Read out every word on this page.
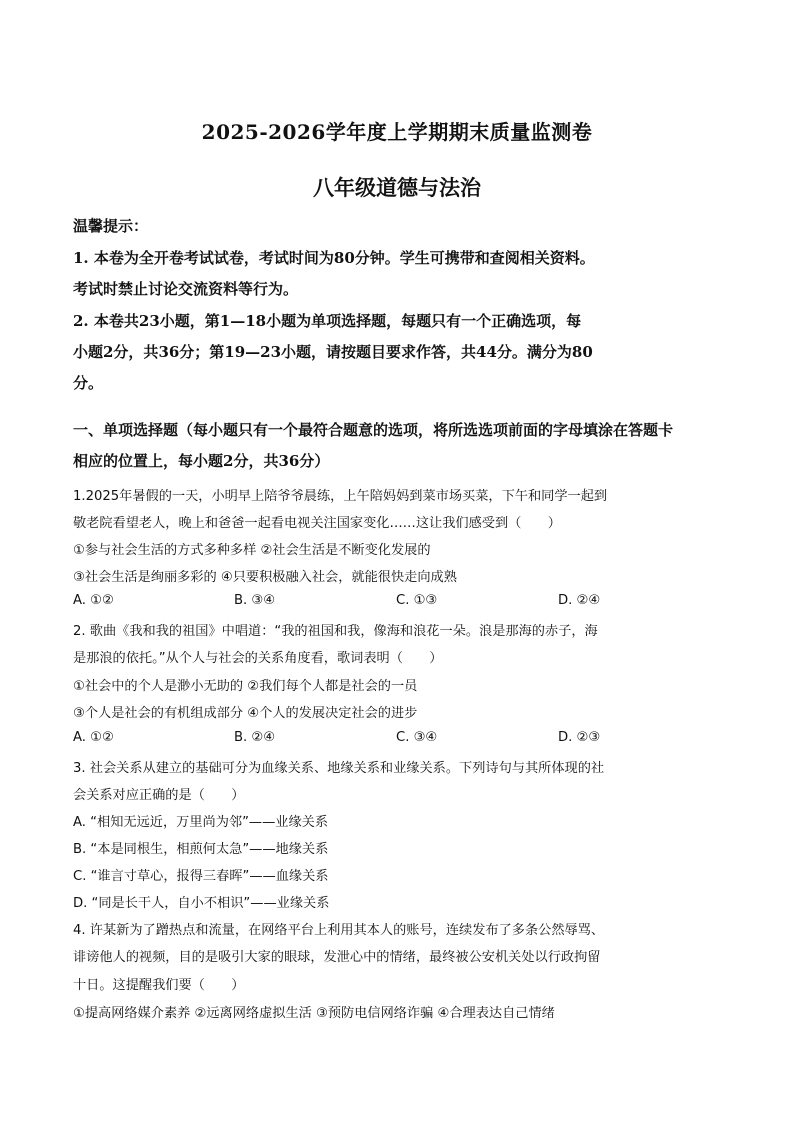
2025-2026学年度上学期期末质量监测卷
八年级道德与法治
温馨提示：
1. 本卷为全开卷考试试卷，考试时间为80分钟。学生可携带和查阅相关资料。
考试时禁止讨论交流资料等行为。
2. 本卷共23小题，第1—18小题为单项选择题，每题只有一个正确选项，每
小题2分，共36分；第19—23小题，请按题目要求作答，共44分。满分为80
分。
一、单项选择题（每小题只有一个最符合题意的选项，将所选选项前面的字母填涂在答题卡
相应的位置上，每小题2分，共36分）
1.2025年暑假的一天，小明早上陪爷爷晨练，上午陪妈妈到菜市场买菜，下午和同学一起到
敬老院看望老人，晚上和爸爸一起看电视关注国家变化……这让我们感受到（　　）
①参与社会生活的方式多种多样 ②社会生活是不断变化发展的
③社会生活是绚丽多彩的 ④只要积极融入社会，就能很快走向成熟
A. ①②	B. ③④	C. ①③	D. ②④
2. 歌曲《我和我的祖国》中唱道：“我的祖国和我，像海和浪花一朵。浪是那海的赤子，海
是那浪的依托。”从个人与社会的关系角度看，歌词表明（　　）
①社会中的个人是渺小无助的 ②我们每个人都是社会的一员
③个人是社会的有机组成部分 ④个人的发展决定社会的进步
A. ①②	B. ②④	C. ③④	D. ②③
3. 社会关系从建立的基础可分为血缘关系、地缘关系和业缘关系。下列诗句与其所体现的社
会关系对应正确的是（　　）
A. “相知无远近，万里尚为邻”——业缘关系
B. “本是同根生，相煎何太急”——地缘关系
C. “谁言寸草心，报得三春晖”——血缘关系
D. “同是长干人，自小不相识”——业缘关系
4. 许某新为了蹭热点和流量，在网络平台上利用其本人的账号，连续发布了多条公然辱骂、
诽谤他人的视频，目的是吸引大家的眼球，发泄心中的情绪，最终被公安机关处以行政拘留
十日。这提醒我们要（　　）
①提高网络媒介素养 ②远离网络虚拟生活 ③预防电信网络诈骗 ④合理表达自己情绪
